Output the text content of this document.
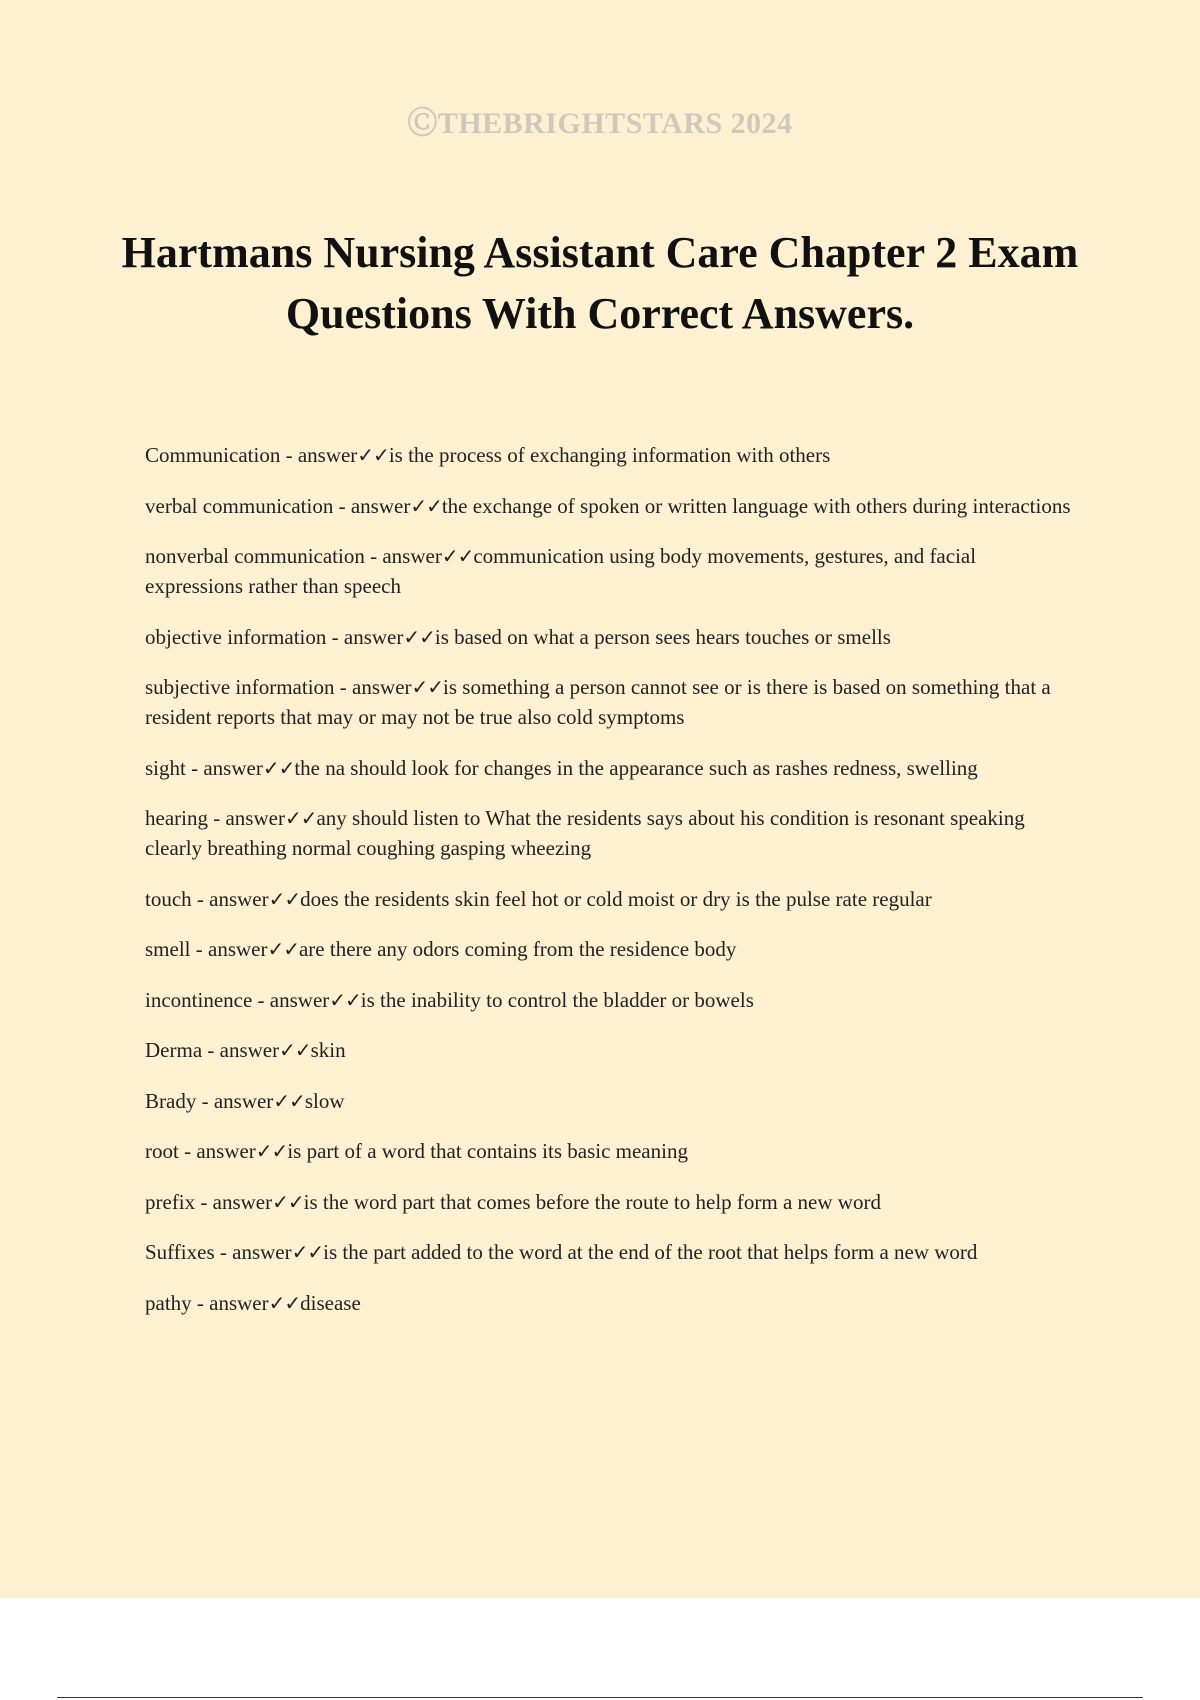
ⒸTHEBRIGHTSTARS 2024
Hartmans Nursing Assistant Care Chapter 2 Exam Questions With Correct Answers.
Communication - answer✓✓is the process of exchanging information with others
verbal communication - answer✓✓the exchange of spoken or written language with others during interactions
nonverbal communication - answer✓✓communication using body movements, gestures, and facial expressions rather than speech
objective information - answer✓✓is based on what a person sees hears touches or smells
subjective information - answer✓✓is something a person cannot see or is there is based on something that a resident reports that may or may not be true also cold symptoms
sight - answer✓✓the na should look for changes in the appearance such as rashes redness, swelling
hearing - answer✓✓any should listen to What the residents says about his condition is resonant speaking clearly breathing normal coughing gasping wheezing
touch - answer✓✓does the residents skin feel hot or cold moist or dry is the pulse rate regular
smell - answer✓✓are there any odors coming from the residence body
incontinence - answer✓✓is the inability to control the bladder or bowels
Derma - answer✓✓skin
Brady - answer✓✓slow
root - answer✓✓is part of a word that contains its basic meaning
prefix - answer✓✓is the word part that comes before the route to help form a new word
Suffixes - answer✓✓is the part added to the word at the end of the root that helps form a new word
pathy - answer✓✓disease
